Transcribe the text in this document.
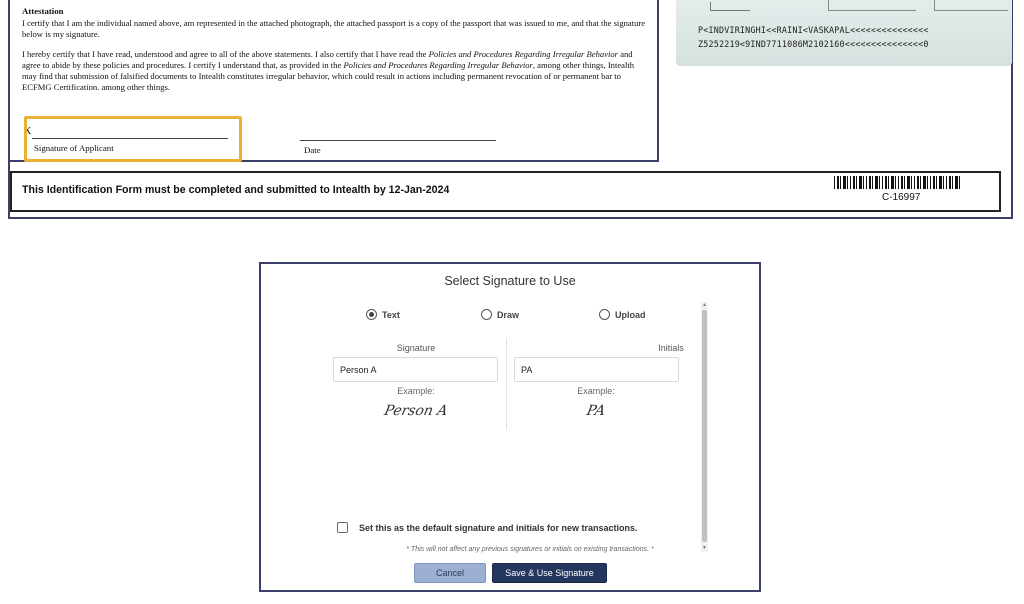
Attestation
I certify that I am the individual named above, am represented in the attached photograph, the attached passport is a copy of the passport that was issued to me, and that the signature below is my signature.
I hereby certify that I have read, understood and agree to all of the above statements. I also certify that I have read the Policies and Procedures Regarding Irregular Behavior and agree to abide by these policies and procedures. I certify I understand that, as provided in the Policies and Procedures Regarding Irregular Behavior, among other things, Intealth may find that submission of falsified documents to Intealth constitutes irregular behavior, which could result in actions including permanent revocation of or permanent bar to ECFMG Certification. among other things.
X
Signature of Applicant	Date
P<INDVIRINGHI<<RAINI<VASKAPAL<<<<<<<<<<<<<<<
Z5252219<9IND7711086M2102160<<<<<<<<<<<<<<<0
This Identification Form must be completed and submitted to Intealth by 12-Jan-2024
C-16997
Select Signature to Use
Text	Draw	Upload
Signature	Initials
Person A
PA
Example:	Example:
Person A	PA
▲
▼
Set this as the default signature and initials for new transactions.
* This will not affect any previous signatures or initials on existing transactions. *
Cancel	Save & Use Signature
